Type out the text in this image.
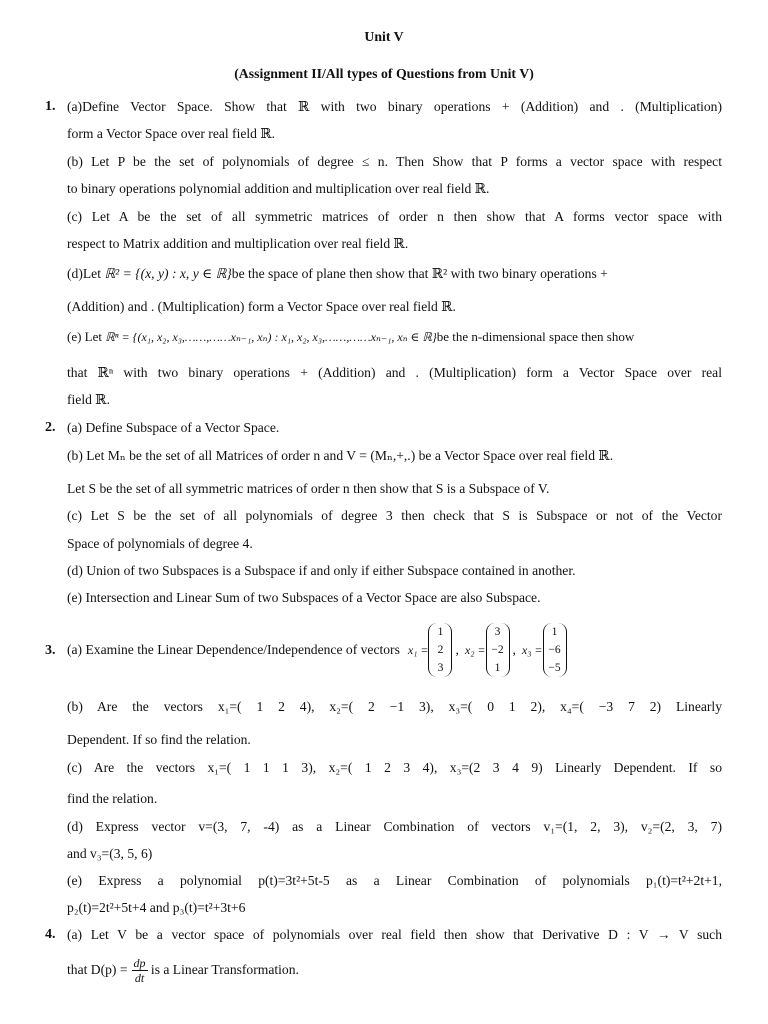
Unit V
(Assignment II/All types of Questions from Unit V)
1. (a)Define Vector Space. Show that ℝ with two binary operations + (Addition) and . (Multiplication)
form a Vector Space over real field ℝ.
(b) Let P be the set of polynomials of degree ≤ n. Then Show that P forms a vector space with respect
to binary operations polynomial addition and multiplication over real field ℝ.
(c) Let A be the set of all symmetric matrices of order n then show that A forms vector space with
respect to Matrix addition and multiplication over real field ℝ.
(d)Let ℝ² = {(x, y) : x, y ∈ ℝ}be the space of plane then show that ℝ² with two binary operations +
(Addition) and . (Multiplication) form a Vector Space over real field ℝ.
(e) Let ℝⁿ = {(x₁, x₂, x₃,……,……xₙ₋₁, xₙ) : x₁, x₂, x₃,……,……xₙ₋₁, xₙ ∈ ℝ}be the n-dimensional space then show
that ℝⁿ with two binary operations + (Addition) and . (Multiplication) form a Vector Space over real
field ℝ.
2. (a) Define Subspace of a Vector Space.
(b) Let Mₙ be the set of all Matrices of order n and V = (Mₙ,+,.) be a Vector Space over real field ℝ.
Let S be the set of all symmetric matrices of order n then show that S is a Subspace of V.
(c) Let S be the set of all polynomials of degree 3 then check that S is Subspace or not of the Vector
Space of polynomials of degree 4.
(d) Union of two Subspaces is a Subspace if and only if either Subspace contained in another.
(e) Intersection and Linear Sum of two Subspaces of a Vector Space are also Subspace.
3. (a) Examine the Linear Dependence/Independence of vectors x₁ =
1
2
3
, x₂ =
3
−2
1
, x₃ =
1
−6
−5
(b) Are the vectors x₁=( 1 2 4), x₂=( 2 −1 3), x₃=( 0 1 2), x₄=( −3 7 2) Linearly
Dependent. If so find the relation.
(c) Are the vectors x₁=( 1 1 1 3), x₂=( 1 2 3 4), x₃=(2 3 4 9) Linearly Dependent. If so
find the relation.
(d) Express vector v=(3, 7, -4) as a Linear Combination of vectors v₁=(1, 2, 3), v₂=(2, 3, 7)
and v₃=(3, 5, 6)
(e) Express a polynomial p(t)=3t²+5t-5 as a Linear Combination of polynomials p₁(t)=t²+2t+1,
p₂(t)=2t²+5t+4 and p₃(t)=t²+3t+6
4. (a) Let V be a vector space of polynomials over real field then show that Derivative D : V → V such
that $D(p) = \frac{dp}{dt}$ is a Linear Transformation.
